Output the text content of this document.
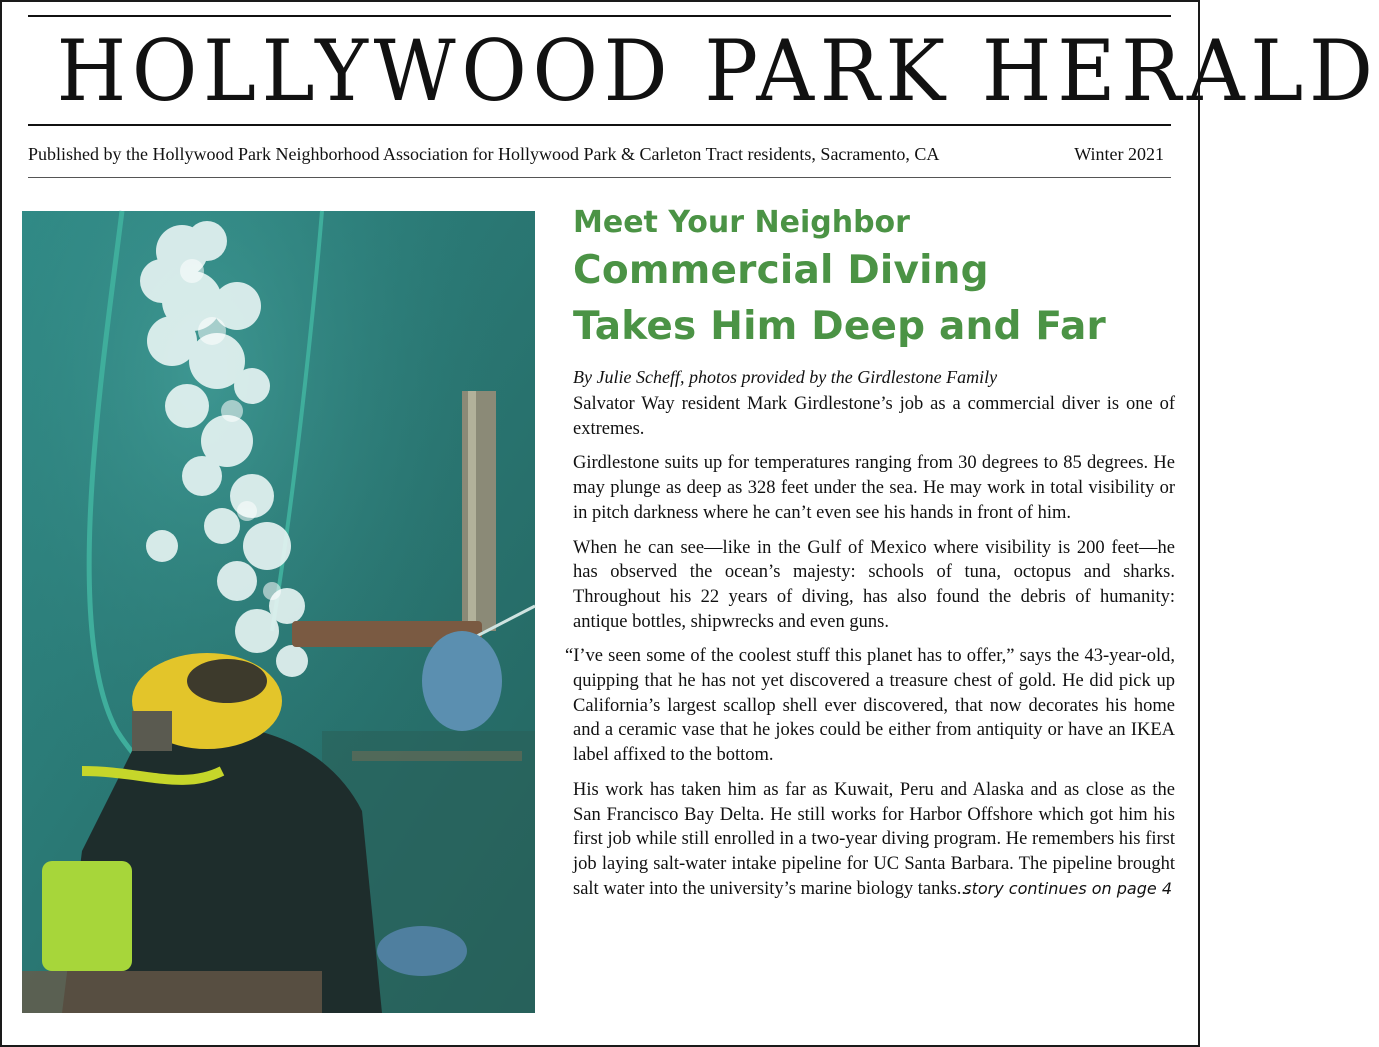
HOLLYWOOD PARK HERALD
Published by the Hollywood Park Neighborhood Association for Hollywood Park & Carleton Tract residents, Sacramento, CA	Winter 2021
Meet Your Neighbor
Commercial Diving
Takes Him Deep and Far
By Julie Scheff, photos provided by the Girdlestone Family

Salvator Way resident Mark Girdlestone’s job as a commercial diver is one of extremes.

Girdlestone suits up for temperatures ranging from 30 degrees to 85 degrees. He may plunge as deep as 328 feet under the sea. He may work in total visibility or in pitch darkness where he can’t even see his hands in front of him.

When he can see—like in the Gulf of Mexico where visibility is 200 feet—he has observed the ocean’s majesty: schools of tuna, octopus and sharks. Throughout his 22 years of diving, has also found the debris of humanity: antique bottles, shipwrecks and even guns.

“I’ve seen some of the coolest stuff this planet has to offer,” says the 43-year-old, quipping that he has not yet discovered a treasure chest of gold. He did pick up California’s largest scallop shell ever discovered, that now decorates his home and a ceramic vase that he jokes could be either from antiquity or have an IKEA label affixed to the bottom.

His work has taken him as far as Kuwait, Peru and Alaska and as close as the San Francisco Bay Delta. He still works for Harbor Offshore which got him his first job while still enrolled in a two-year diving program. He remembers his first job laying salt-water intake pipeline for UC Santa Barbara. The pipeline brought salt water into the university’s marine biology tanks...

story continues on page 4
